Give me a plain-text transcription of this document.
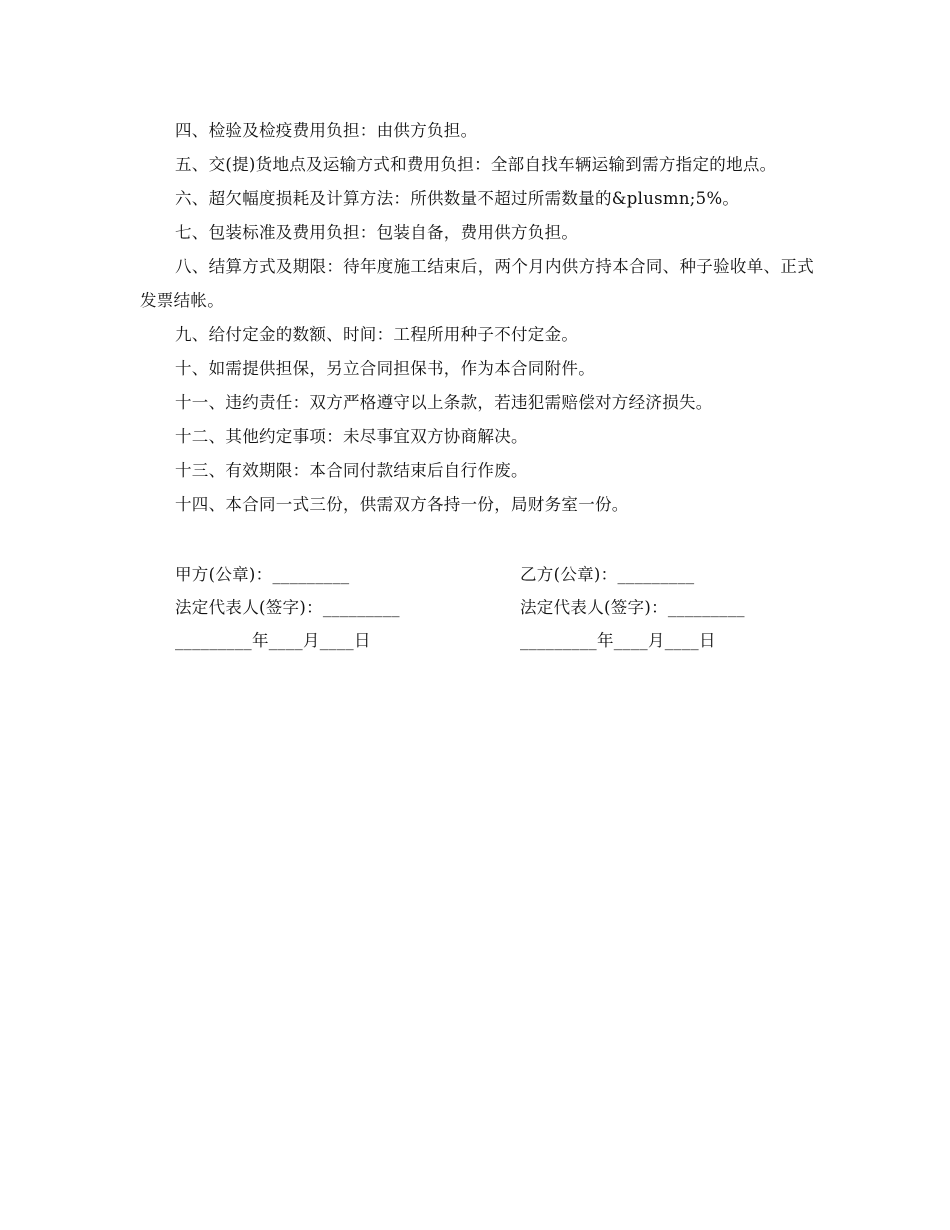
四、检验及检疫费用负担：由供方负担。

五、交(提)货地点及运输方式和费用负担：全部自找车辆运输到需方指定的地点。

六、超欠幅度损耗及计算方法：所供数量不超过所需数量的&plusmn;5%。

七、包装标准及费用负担：包装自备，费用供方负担。

八、结算方式及期限：待年度施工结束后，两个月内供方持本合同、种子验收单、正式发票结帐。

九、给付定金的数额、时间：工程所用种子不付定金。

十、如需提供担保，另立合同担保书，作为本合同附件。

十一、违约责任：双方严格遵守以上条款，若违犯需赔偿对方经济损失。

十二、其他约定事项：未尽事宜双方协商解决。

十三、有效期限：本合同付款结束后自行作废。

十四、本合同一式三份，供需双方各持一份，局财务室一份。

甲方(公章)：_________	乙方(公章)：_________
法定代表人(签字)：_________	法定代表人(签字)：_________
_________年____月____日	_________年____月____日
